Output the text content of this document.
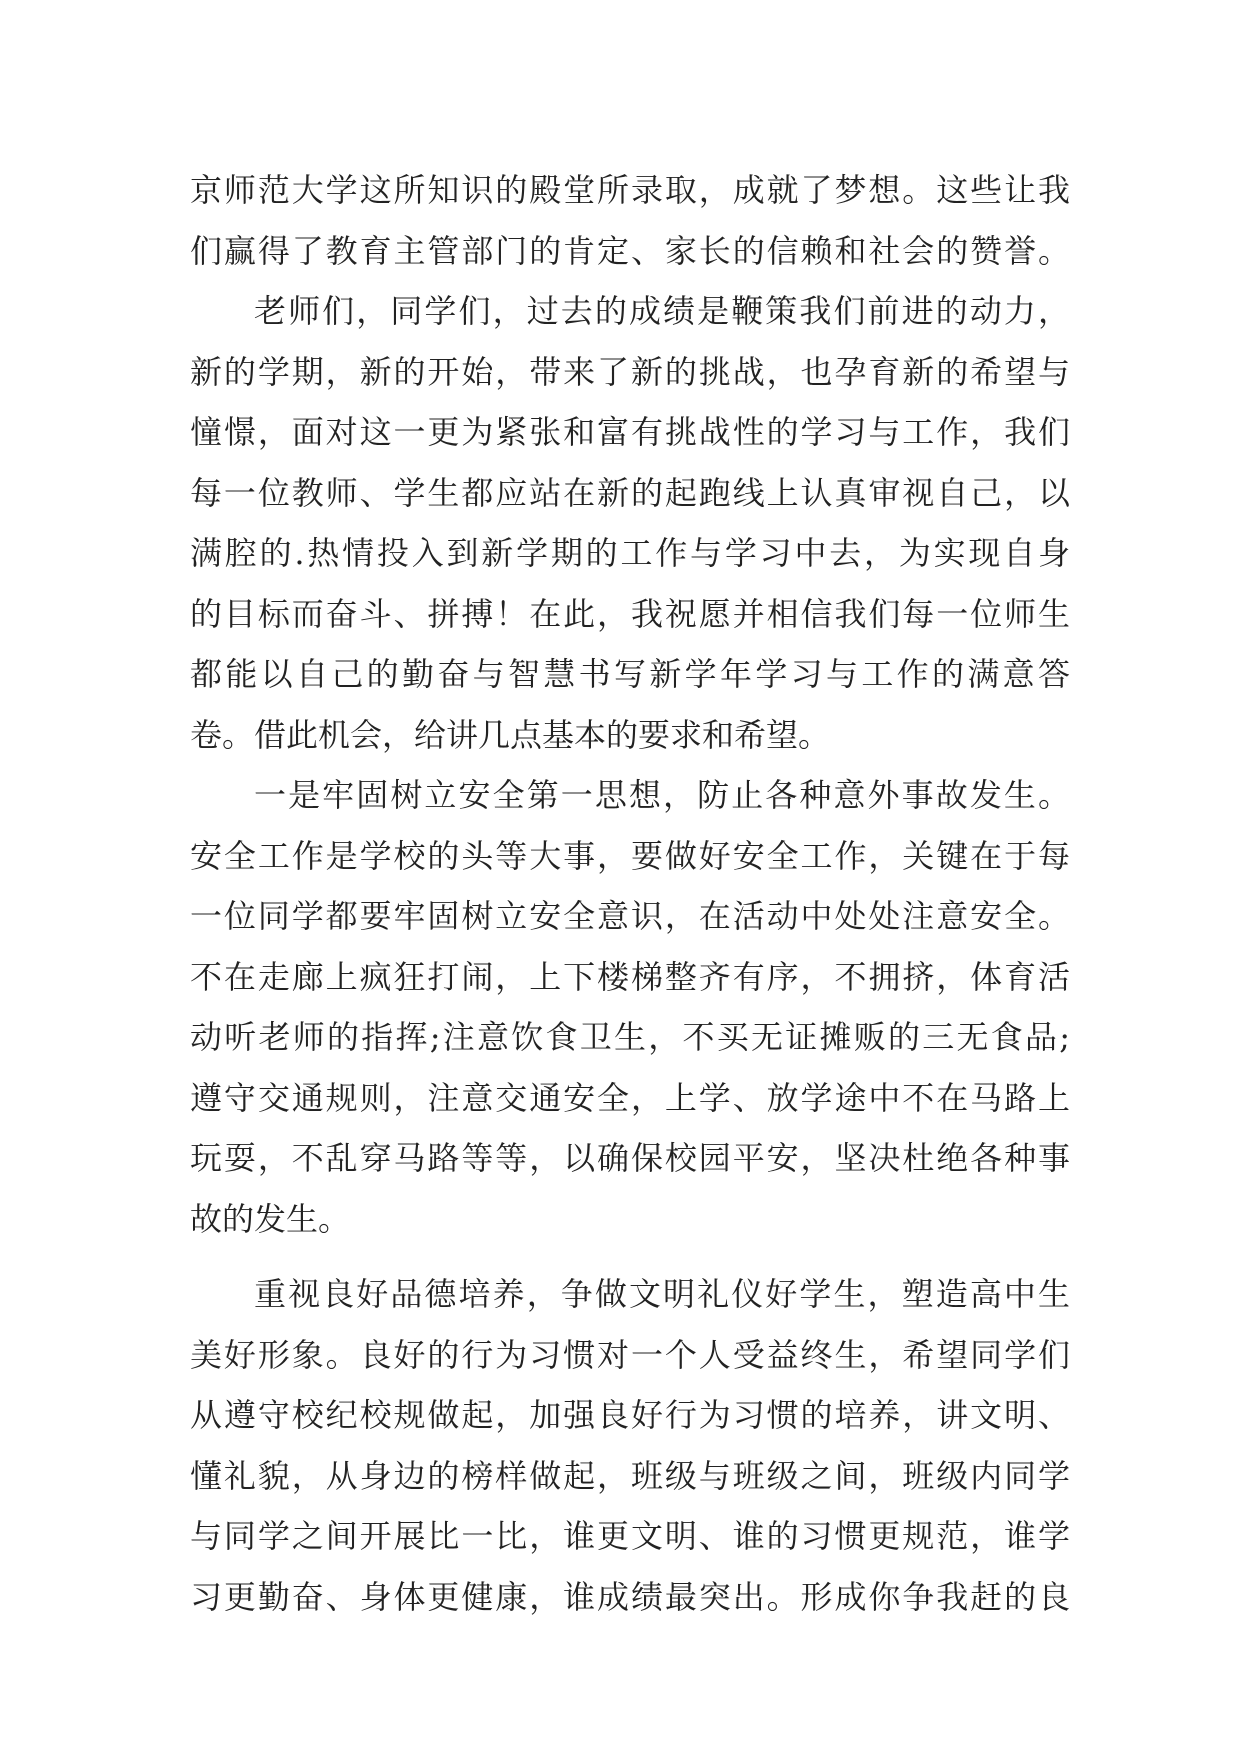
京师范大学这所知识的殿堂所录取，成就了梦想。这些让我
们赢得了教育主管部门的肯定、家长的信赖和社会的赞誉。
老师们，同学们，过去的成绩是鞭策我们前进的动力，
新的学期，新的开始，带来了新的挑战，也孕育新的希望与
憧憬，面对这一更为紧张和富有挑战性的学习与工作，我们
每一位教师、学生都应站在新的起跑线上认真审视自己，以
满腔的.热情投入到新学期的工作与学习中去，为实现自身
的目标而奋斗、拼搏！在此，我祝愿并相信我们每一位师生
都能以自己的勤奋与智慧书写新学年学习与工作的满意答
卷。借此机会，给讲几点基本的要求和希望。
一是牢固树立安全第一思想，防止各种意外事故发生。
安全工作是学校的头等大事，要做好安全工作，关键在于每
一位同学都要牢固树立安全意识，在活动中处处注意安全。
不在走廊上疯狂打闹，上下楼梯整齐有序，不拥挤，体育活
动听老师的指挥;注意饮食卫生，不买无证摊贩的三无食品;
遵守交通规则，注意交通安全，上学、放学途中不在马路上
玩耍，不乱穿马路等等，以确保校园平安，坚决杜绝各种事
故的发生。
重视良好品德培养，争做文明礼仪好学生，塑造高中生
美好形象。良好的行为习惯对一个人受益终生，希望同学们
从遵守校纪校规做起，加强良好行为习惯的培养，讲文明、
懂礼貌，从身边的榜样做起，班级与班级之间，班级内同学
与同学之间开展比一比，谁更文明、谁的习惯更规范，谁学
习更勤奋、身体更健康，谁成绩最突出。形成你争我赶的良
